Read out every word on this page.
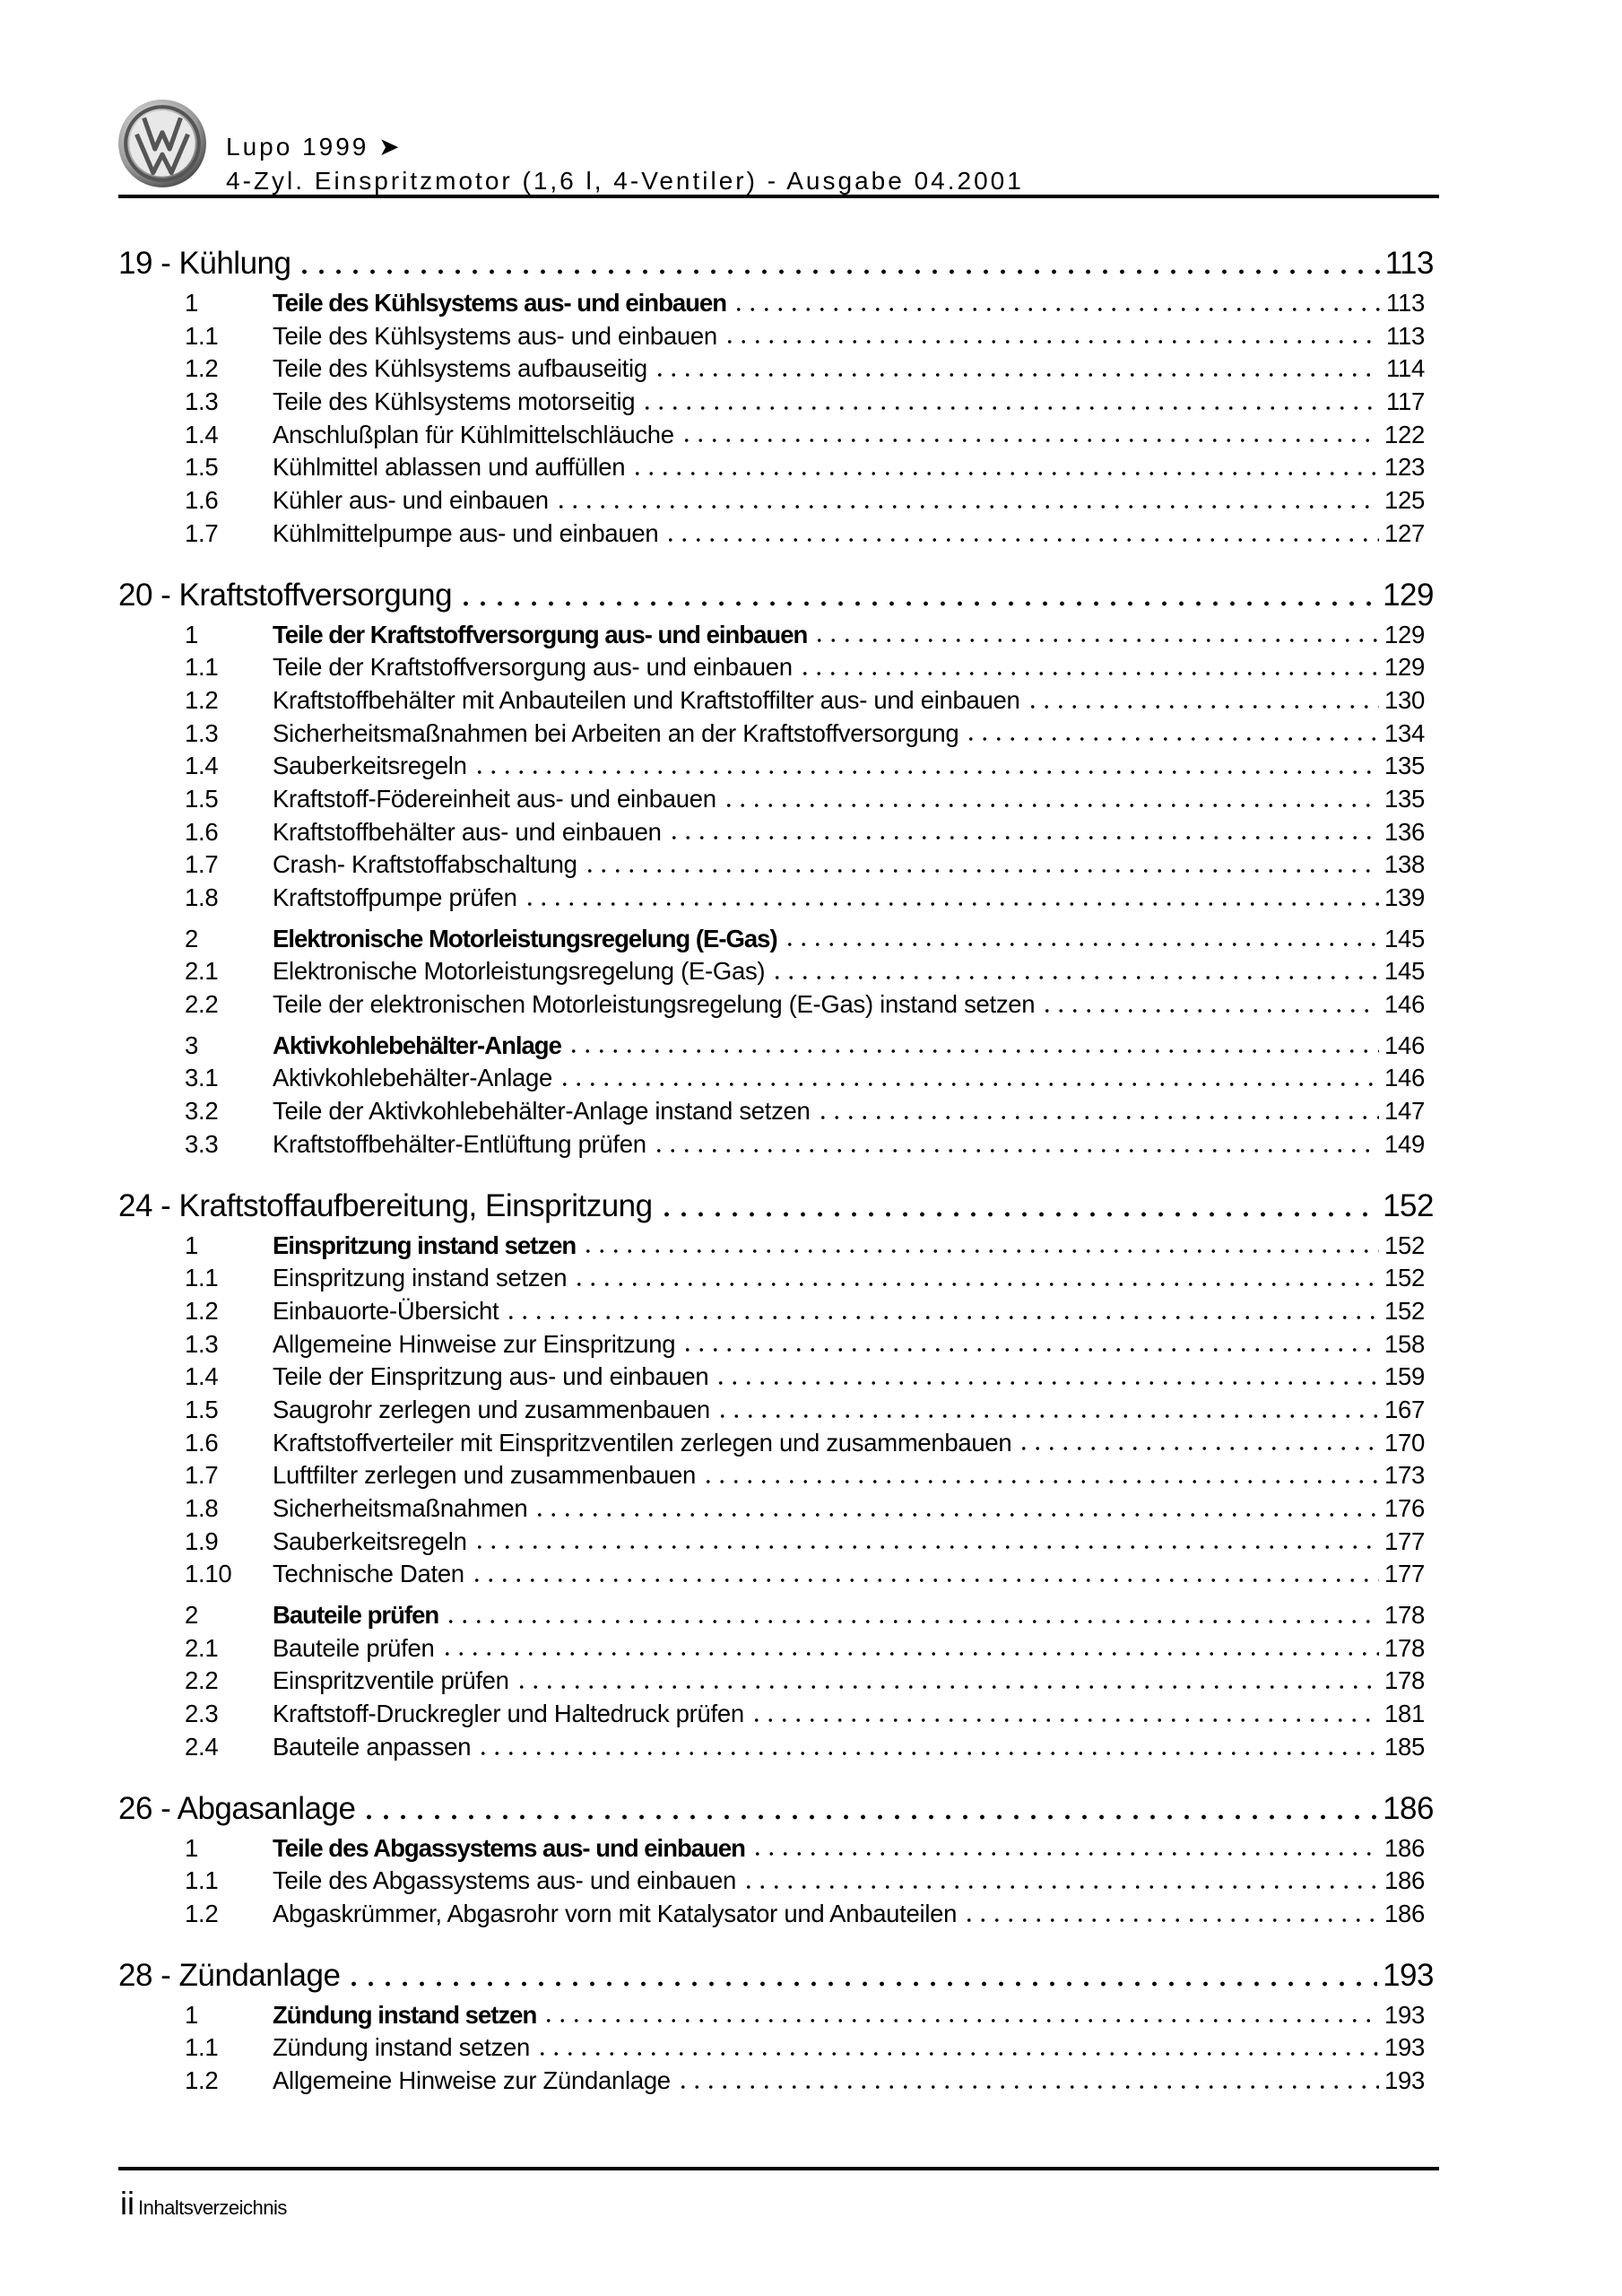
Lupo 1999 ➤
4-Zyl. Einspritzmotor (1,6 l, 4-Ventiler) - Ausgabe 04.2001
19 - Kühlung	113
1	Teile des Kühlsystems aus- und einbauen	113
1.1	Teile des Kühlsystems aus- und einbauen	113
1.2	Teile des Kühlsystems aufbauseitig	114
1.3	Teile des Kühlsystems motorseitig	117
1.4	Anschlußplan für Kühlmittelschläuche	122
1.5	Kühlmittel ablassen und auffüllen	123
1.6	Kühler aus- und einbauen	125
1.7	Kühlmittelpumpe aus- und einbauen	127
20 - Kraftstoffversorgung	129
1	Teile der Kraftstoffversorgung aus- und einbauen	129
1.1	Teile der Kraftstoffversorgung aus- und einbauen	129
1.2	Kraftstoffbehälter mit Anbauteilen und Kraftstoffilter aus- und einbauen	130
1.3	Sicherheitsmaßnahmen bei Arbeiten an der Kraftstoffversorgung	134
1.4	Sauberkeitsregeln	135
1.5	Kraftstoff-Födereinheit aus- und einbauen	135
1.6	Kraftstoffbehälter aus- und einbauen	136
1.7	Crash- Kraftstoffabschaltung	138
1.8	Kraftstoffpumpe prüfen	139
2	Elektronische Motorleistungsregelung (E-Gas)	145
2.1	Elektronische Motorleistungsregelung (E-Gas)	145
2.2	Teile der elektronischen Motorleistungsregelung (E-Gas) instand setzen	146
3	Aktivkohlebehälter-Anlage	146
3.1	Aktivkohlebehälter-Anlage	146
3.2	Teile der Aktivkohlebehälter-Anlage instand setzen	147
3.3	Kraftstoffbehälter-Entlüftung prüfen	149
24 - Kraftstoffaufbereitung, Einspritzung	152
1	Einspritzung instand setzen	152
1.1	Einspritzung instand setzen	152
1.2	Einbauorte-Übersicht	152
1.3	Allgemeine Hinweise zur Einspritzung	158
1.4	Teile der Einspritzung aus- und einbauen	159
1.5	Saugrohr zerlegen und zusammenbauen	167
1.6	Kraftstoffverteiler mit Einspritzventilen zerlegen und zusammenbauen	170
1.7	Luftfilter zerlegen und zusammenbauen	173
1.8	Sicherheitsmaßnahmen	176
1.9	Sauberkeitsregeln	177
1.10	Technische Daten	177
2	Bauteile prüfen	178
2.1	Bauteile prüfen	178
2.2	Einspritzventile prüfen	178
2.3	Kraftstoff-Druckregler und Haltedruck prüfen	181
2.4	Bauteile anpassen	185
26 - Abgasanlage	186
1	Teile des Abgassystems aus- und einbauen	186
1.1	Teile des Abgassystems aus- und einbauen	186
1.2	Abgaskrümmer, Abgasrohr vorn mit Katalysator und Anbauteilen	186
28 - Zündanlage	193
1	Zündung instand setzen	193
1.1	Zündung instand setzen	193
1.2	Allgemeine Hinweise zur Zündanlage	193
ii Inhaltsverzeichnis
